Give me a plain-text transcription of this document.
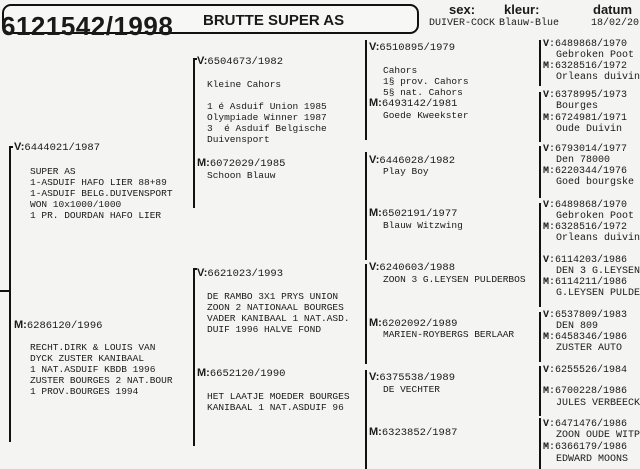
6121542/1998 BRUTTE SUPER AS
sex:
DUIVER-COCK
kleur:
Blauw-Blue
datum
18/02/20
V:6444021/1987

SUPER AS
1-ASDUIF HAFO LIER 88+89
1-ASDUIF BELG.DUIVENSPORT
WON 10x1000/1000
1 PR. DOURDAN HAFO LIER
M:6286120/1996

RECHT.DIRK & LOUIS VAN
DYCK ZUSTER KANIBAAL
1 NAT.ASDUIF KBDB 1996
ZUSTER BOURGES 2 NAT.BOUR
1 PROV.BOURGES 1994
V:6504673/1982

Kleine Cahors

1 é Asduif Union 1985
Olympiade Winner 1987
3  é Asduif Belgische
Duivensport
M:6072029/1985
Schoon Blauw
V:6621023/1993

DE RAMBO 3X1 PRYS UNION
ZOON 2 NATIONAAL BOURGES
VADER KANIBAAL 1 NAT.ASD.
DUIF 1996 HALVE FOND
M:6652120/1990

HET LAATJE MOEDER BOURGES
KANIBAAL 1 NAT.ASDUIF 96
V:6510895/1979

Cahors
1§ prov. Cahors
5§ nat. Cahors
M:6493142/1981
Goede Kweekster
V:6446028/1982
Play Boy
M:6502191/1977
Blauw Witzwing
V:6240603/1988
ZOON 3 G.LEYSEN PULDERBOS
M:6202092/1989
MARIEN-ROYBERGS BERLAAR
V:6375538/1989
DE VECHTER
M:6323852/1987
V:6489868/1970
Gebroken Poot
M:6328516/1972
Orleans duivin
V:6378995/1973
Bourges
M:6724981/1971
Oude Duivin
V:6793014/1977
Den 78000
M:6220344/1976
Goed bourgske
V:6489868/1970
Gebroken Poot
M:6328516/1972
Orleans duivin
V:6114203/1986
DEN 3 G.LEYSEN
M:6114211/1986
G.LEYSEN PULDE
V:6537809/1983
DEN 809
M:6458346/1986
ZUSTER AUTO
V:6255526/1984
M:6700228/1986
JULES VERBEECK
V:6471476/1986
ZOON OUDE WITP
M:6366179/1986
EDWARD MOONS
